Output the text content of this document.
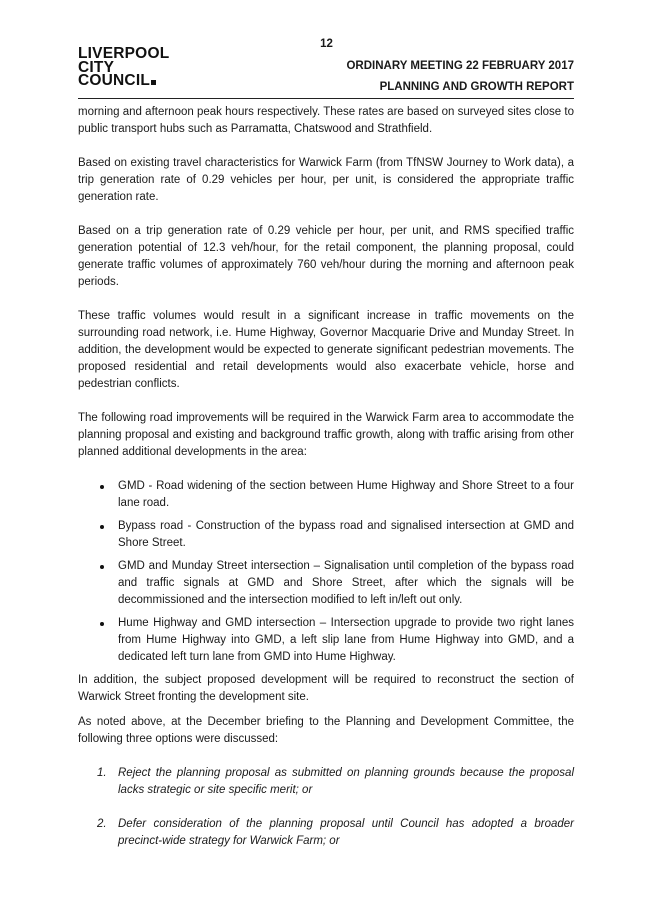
12
LIVERPOOL
CITY
COUNCIL
ORDINARY MEETING 22 FEBRUARY 2017
PLANNING AND GROWTH REPORT

morning and afternoon peak hours respectively. These rates are based on surveyed sites close to public transport hubs such as Parramatta, Chatswood and Strathfield.

Based on existing travel characteristics for Warwick Farm (from TfNSW Journey to Work data), a trip generation rate of 0.29 vehicles per hour, per unit, is considered the appropriate traffic generation rate.

Based on a trip generation rate of 0.29 vehicle per hour, per unit, and RMS specified traffic generation potential of 12.3 veh/hour, for the retail component, the planning proposal, could generate traffic volumes of approximately 760 veh/hour during the morning and afternoon peak periods.

These traffic volumes would result in a significant increase in traffic movements on the surrounding road network, i.e. Hume Highway, Governor Macquarie Drive and Munday Street. In addition, the development would be expected to generate significant pedestrian movements. The proposed residential and retail developments would also exacerbate vehicle, horse and pedestrian conflicts.

The following road improvements will be required in the Warwick Farm area to accommodate the planning proposal and existing and background traffic growth, along with traffic arising from other planned additional developments in the area:

GMD - Road widening of the section between Hume Highway and Shore Street to a four lane road.
Bypass road - Construction of the bypass road and signalised intersection at GMD and Shore Street.
GMD and Munday Street intersection – Signalisation until completion of the bypass road and traffic signals at GMD and Shore Street, after which the signals will be decommissioned and the intersection modified to left in/left out only.
Hume Highway and GMD intersection – Intersection upgrade to provide two right lanes from Hume Highway into GMD, a left slip lane from Hume Highway into GMD, and a dedicated left turn lane from GMD into Hume Highway.

In addition, the subject proposed development will be required to reconstruct the section of Warwick Street fronting the development site.

As noted above, at the December briefing to the Planning and Development Committee, the following three options were discussed:

1. Reject the planning proposal as submitted on planning grounds because the proposal lacks strategic or site specific merit; or
2. Defer consideration of the planning proposal until Council has adopted a broader precinct-wide strategy for Warwick Farm; or
